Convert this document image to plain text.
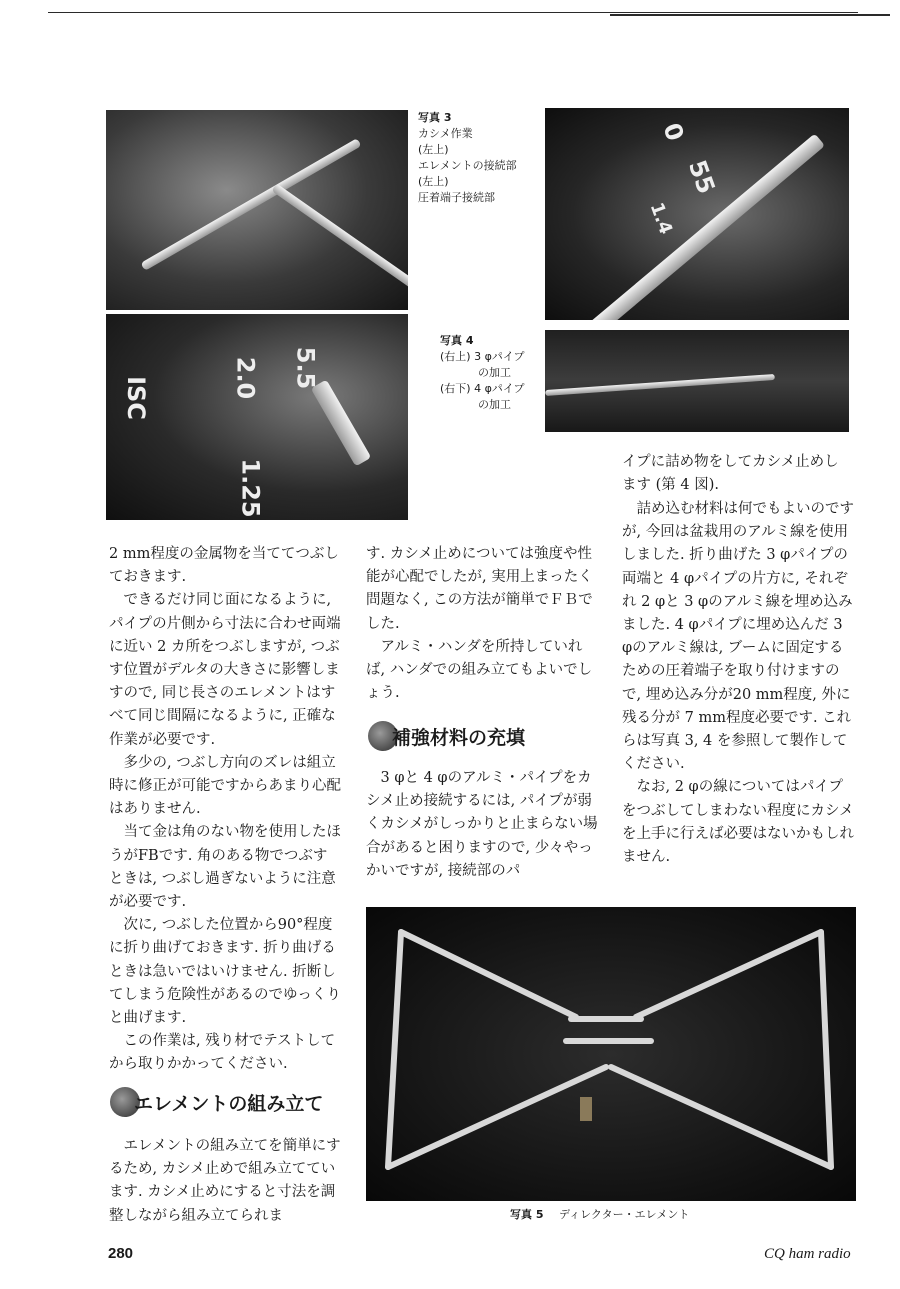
写真 3
カシメ作業
(左上)
エレメントの接続部
(左上)
圧着端子接続部
0
55
1.4
5.5
2.0
ISC
1.25
写真 4
(右上) 3 φパイプ
の加工
(右下) 4 φパイプ
の加工

イプに詰め物をしてカシメ止めし

ます (第 4 図).

　詰め込む材料は何でもよいのですが, 今回は盆栽用のアルミ線を使用しました. 折り曲げた 3 φパイプの両端と 4 φパイプの片方に, それぞれ 2 φと 3 φのアルミ線を埋め込みました. 4 φパイプに埋め込んだ 3 φのアルミ線は, ブームに固定するための圧着端子を取り付けますので, 埋め込み分が20 mm程度, 外に残る分が 7 mm程度必要です. これらは写真 3, 4 を参照して製作してください.

　なお, 2 φの線についてはパイプをつぶしてしまわない程度にカシメを上手に行えば必要はないかもしれません.

2 mm程度の金属物を当ててつぶしておきます.

　できるだけ同じ面になるように, パイプの片側から寸法に合わせ両端に近い 2 カ所をつぶしますが, つぶす位置がデルタの大きさに影響しますので, 同じ長さのエレメントはすべて同じ間隔になるように, 正確な作業が必要です.

　多少の, つぶし方向のズレは組立時に修正が可能ですからあまり心配はありません.

　当て金は角のない物を使用したほうがFBです. 角のある物でつぶすときは, つぶし過ぎないように注意が必要です.

　次に, つぶした位置から90°程度に折り曲げておきます. 折り曲げるときは急いではいけません. 折断してしまう危険性があるのでゆっくりと曲げます.

　この作業は, 残り材でテストしてから取りかかってください.

エレメントの組み立て

　エレメントの組み立てを簡単にするため, カシメ止めで組み立てています. カシメ止めにすると寸法を調整しながら組み立てられま

す. カシメ止めについては強度や性能が心配でしたが, 実用上まったく問題なく, この方法が簡単でＦＢでした.

　アルミ・ハンダを所持していれば, ハンダでの組み立てもよいでしょう.

補強材料の充填

　3 φと 4 φのアルミ・パイプをカシメ止め接続するには, パイプが弱くカシメがしっかりと止まらない場合があると困りますので, 少々やっかいですが, 接続部のパ

写真 5 ディレクター・エレメント
280	CQ ham radio
